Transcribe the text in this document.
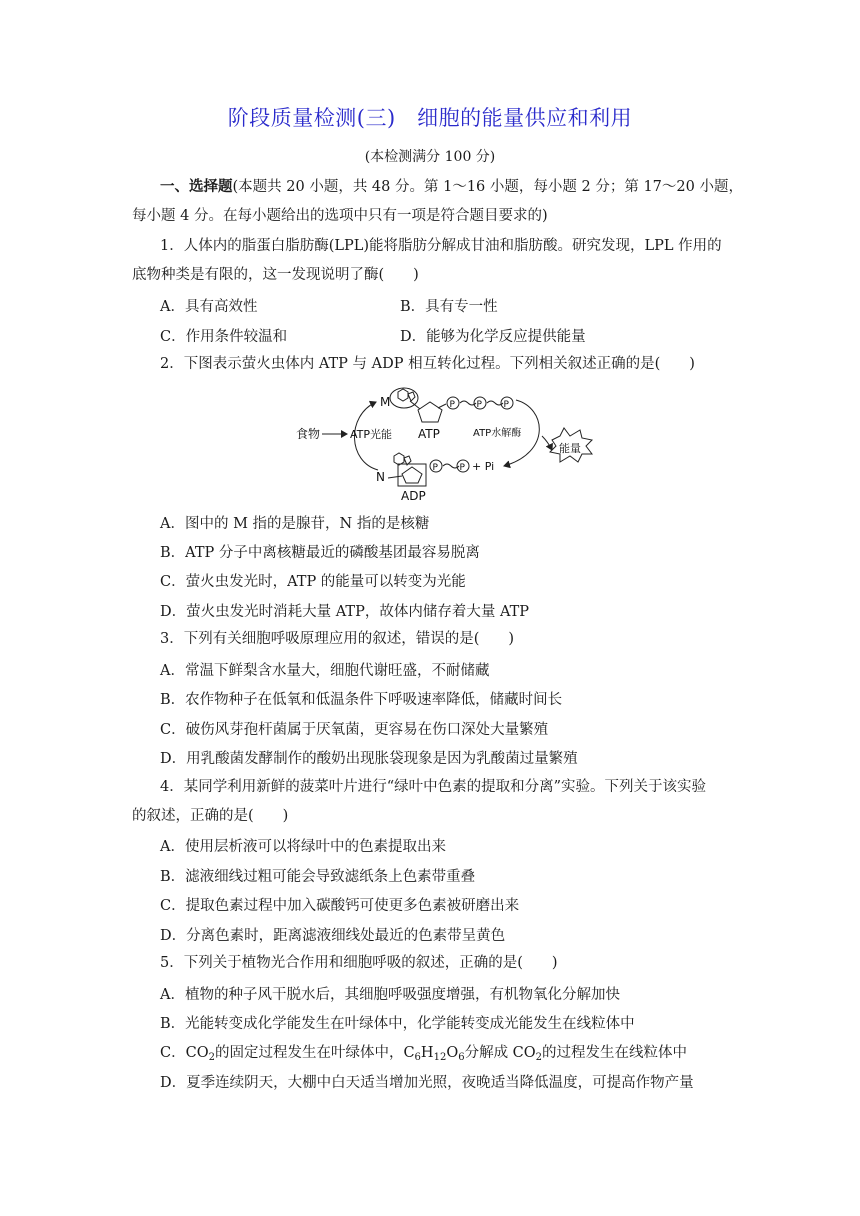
阶段质量检测(三)　细胞的能量供应和利用
(本检测满分 100 分)
一、选择题(本题共 20 小题，共 48 分。第 1～16 小题，每小题 2 分；第 17～20 小题，
每小题 4 分。在每小题给出的选项中只有一项是符合题目要求的)
1．人体内的脂蛋白脂肪酶(LPL)能将脂肪分解成甘油和脂肪酸。研究发现，LPL 作用的
底物种类是有限的，这一发现说明了酶(　　)
A．具有高效性	B．具有专一性
C．作用条件较温和	D．能够为化学反应提供能量
2．下图表示萤火虫体内 ATP 与 ADP 相互转化过程。下列相关叙述正确的是(　　)
食物	ATP光能
M	P P P
ATP	ATP水解酶
能量
N
P P + Pi
ADP
A．图中的 M 指的是腺苷，N 指的是核糖
B．ATP 分子中离核糖最近的磷酸基团最容易脱离
C．萤火虫发光时，ATP 的能量可以转变为光能
D．萤火虫发光时消耗大量 ATP，故体内储存着大量 ATP
3．下列有关细胞呼吸原理应用的叙述，错误的是(　　)
A．常温下鲜梨含水量大，细胞代谢旺盛，不耐储藏
B．农作物种子在低氧和低温条件下呼吸速率降低，储藏时间长
C．破伤风芽孢杆菌属于厌氧菌，更容易在伤口深处大量繁殖
D．用乳酸菌发酵制作的酸奶出现胀袋现象是因为乳酸菌过量繁殖
4．某同学利用新鲜的菠菜叶片进行“绿叶中色素的提取和分离”实验。下列关于该实验
的叙述，正确的是(　　)
A．使用层析液可以将绿叶中的色素提取出来
B．滤液细线过粗可能会导致滤纸条上色素带重叠
C．提取色素过程中加入碳酸钙可使更多色素被研磨出来
D．分离色素时，距离滤液细线处最近的色素带呈黄色
5．下列关于植物光合作用和细胞呼吸的叙述，正确的是(　　)
A．植物的种子风干脱水后，其细胞呼吸强度增强，有机物氧化分解加快
B．光能转变成化学能发生在叶绿体中，化学能转变成光能发生在线粒体中
C．$CO_2$的固定过程发生在叶绿体中，$C_6H_{12}O_6$分解成 $CO_2$的过程发生在线粒体中
D．夏季连续阴天，大棚中白天适当增加光照，夜晚适当降低温度，可提高作物产量
